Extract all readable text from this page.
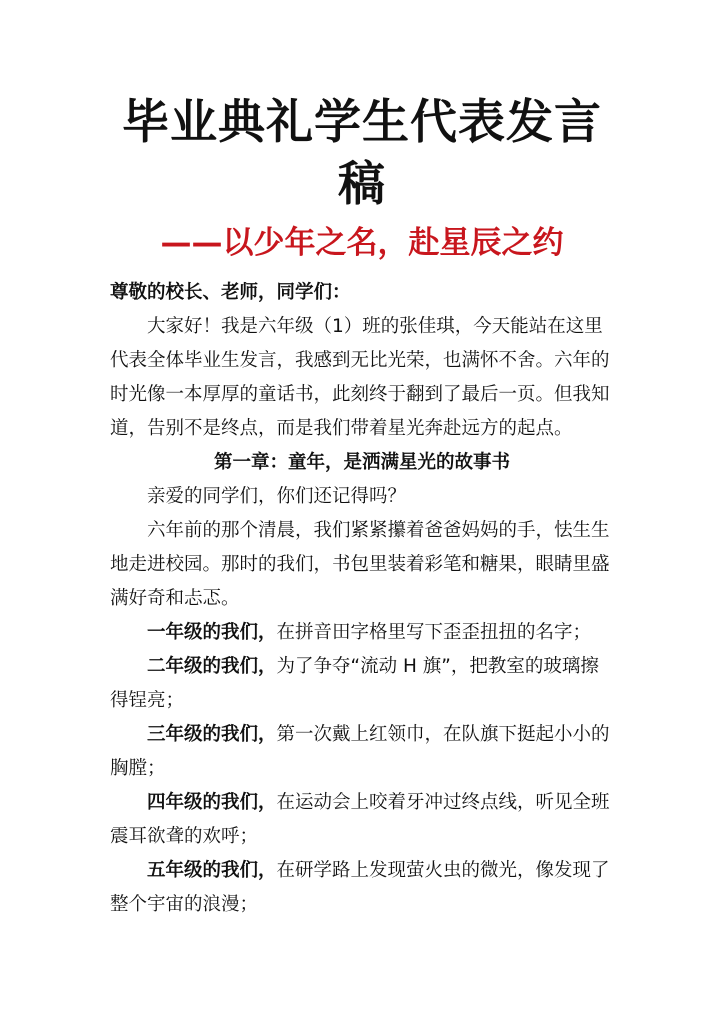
毕业典礼学生代表发言稿
——以少年之名，赴星辰之约

尊敬的校长、老师，同学们：

大家好！我是六年级（1）班的张佳琪，今天能站在这里代表全体毕业生发言，我感到无比光荣，也满怀不舍。六年的时光像一本厚厚的童话书，此刻终于翻到了最后一页。但我知道，告别不是终点，而是我们带着星光奔赴远方的起点。

第一章：童年，是洒满星光的故事书

亲爱的同学们，你们还记得吗？

六年前的那个清晨，我们紧紧攥着爸爸妈妈的手，怯生生地走进校园。那时的我们，书包里装着彩笔和糖果，眼睛里盛满好奇和忐忑。

一年级的我们，在拼音田字格里写下歪歪扭扭的名字；

二年级的我们，为了争夺“流动 H 旗”，把教室的玻璃擦得锃亮；

三年级的我们，第一次戴上红领巾，在队旗下挺起小小的胸膛；

四年级的我们，在运动会上咬着牙冲过终点线，听见全班震耳欲聋的欢呼；

五年级的我们，在研学路上发现萤火虫的微光，像发现了整个宇宙的浪漫；
